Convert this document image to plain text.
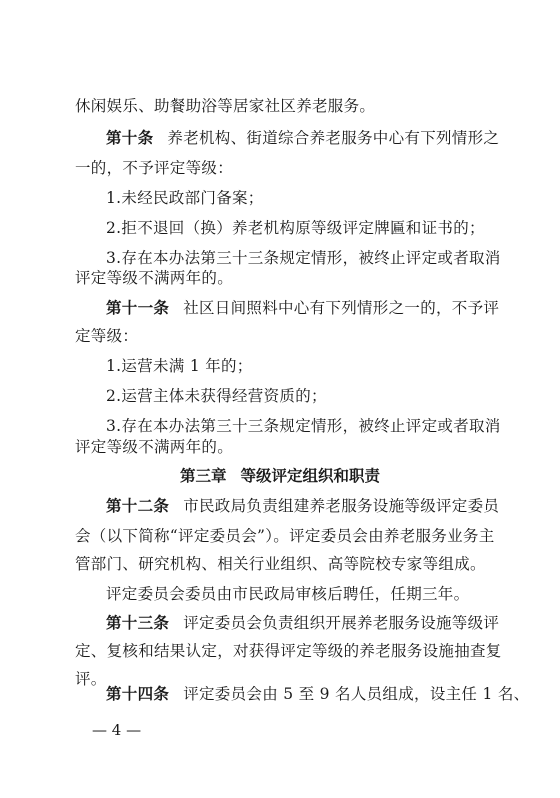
休闲娱乐、助餐助浴等居家社区养老服务。
第十条 养老机构、街道综合养老服务中心有下列情形之
一的，不予评定等级：
1.未经民政部门备案；
2.拒不退回（换）养老机构原等级评定牌匾和证书的；
3.存在本办法第三十三条规定情形，被终止评定或者取消
评定等级不满两年的。
第十一条 社区日间照料中心有下列情形之一的，不予评
定等级：
1.运营未满 1 年的；
2.运营主体未获得经营资质的；
3.存在本办法第三十三条规定情形，被终止评定或者取消
评定等级不满两年的。
第三章 等级评定组织和职责
第十二条 市民政局负责组建养老服务设施等级评定委员
会（以下简称“评定委员会”）。评定委员会由养老服务业务主
管部门、研究机构、相关行业组织、高等院校专家等组成。
评定委员会委员由市民政局审核后聘任，任期三年。
第十三条 评定委员会负责组织开展养老服务设施等级评
定、复核和结果认定，对获得评定等级的养老服务设施抽查复
评。
第十四条 评定委员会由 5 至 9 名人员组成，设主任 1 名、
— 4 —
